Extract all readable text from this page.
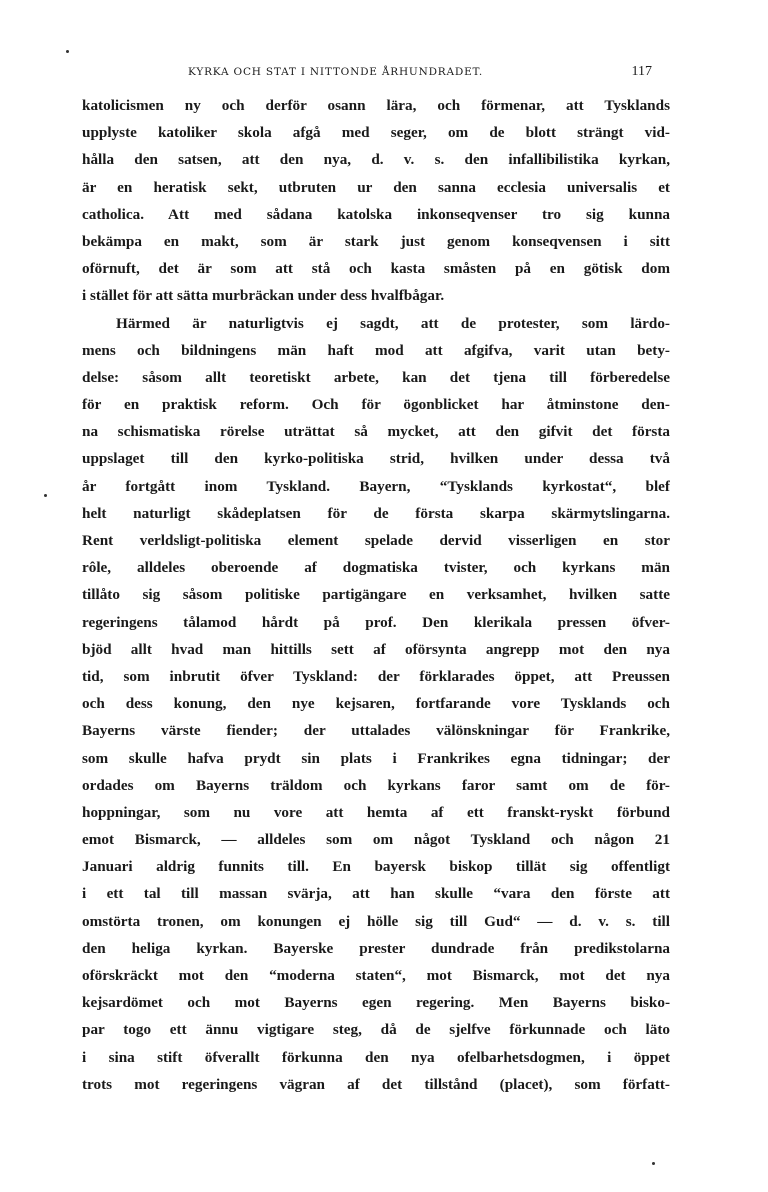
KYRKA OCH STAT I NITTONDE ÅRHUNDRADET.	117
katolicismen ny och derför osann lära, och förmenar, att Tysklands
upplyste katoliker skola afgå med seger, om de blott strängt vid-
hålla den satsen, att den nya, d. v. s. den infallibilistika kyrkan,
är en heratisk sekt, utbruten ur den sanna ecclesia universalis et
catholica. Att med sådana katolska inkonseqvenser tro sig kunna
bekämpa en makt, som är stark just genom konseqvensen i sitt
oförnuft, det är som att stå och kasta småsten på en götisk dom
i stället för att sätta murbräckan under dess hvalfbågar.
Härmed är naturligtvis ej sagdt, att de protester, som lärdo-
mens och bildningens män haft mod att afgifva, varit utan bety-
delse: såsom allt teoretiskt arbete, kan det tjena till förberedelse
för en praktisk reform. Och för ögonblicket har åtminstone den-
na schismatiska rörelse uträttat så mycket, att den gifvit det första
uppslaget till den kyrko-politiska strid, hvilken under dessa två
år fortgått inom Tyskland. Bayern, “Tysklands kyrkostat“, blef
helt naturligt skådeplatsen för de första skarpa skärmytslingarna.
Rent verldsligt-politiska element spelade dervid visserligen en stor
rôle, alldeles oberoende af dogmatiska tvister, och kyrkans män
tillåto sig såsom politiske partigängare en verksamhet, hvilken satte
regeringens tålamod hårdt på prof. Den klerikala pressen öfver-
bjöd allt hvad man hittills sett af oförsynta angrepp mot den nya
tid, som inbrutit öfver Tyskland: der förklarades öppet, att Preussen
och dess konung, den nye kejsaren, fortfarande vore Tysklands och
Bayerns värste fiender; der uttalades välönskningar för Frankrike,
som skulle hafva prydt sin plats i Frankrikes egna tidningar; der
ordades om Bayerns träldom och kyrkans faror samt om de för-
hoppningar, som nu vore att hemta af ett franskt-ryskt förbund
emot Bismarck, — alldeles som om något Tyskland och någon 21
Januari aldrig funnits till. En bayersk biskop tillät sig offentligt
i ett tal till massan svärja, att han skulle “vara den förste att
omstörta tronen, om konungen ej hölle sig till Gud“ — d. v. s. till
den heliga kyrkan. Bayerske prester dundrade från predikstolarna
oförskräckt mot den “moderna staten“, mot Bismarck, mot det nya
kejsardömet och mot Bayerns egen regering. Men Bayerns bisko-
par togo ett ännu vigtigare steg, då de sjelfve förkunnade och läto
i sina stift öfverallt förkunna den nya ofelbarhetsdogmen, i öppet
trots mot regeringens vägran af det tillstånd (placet), som författ-
